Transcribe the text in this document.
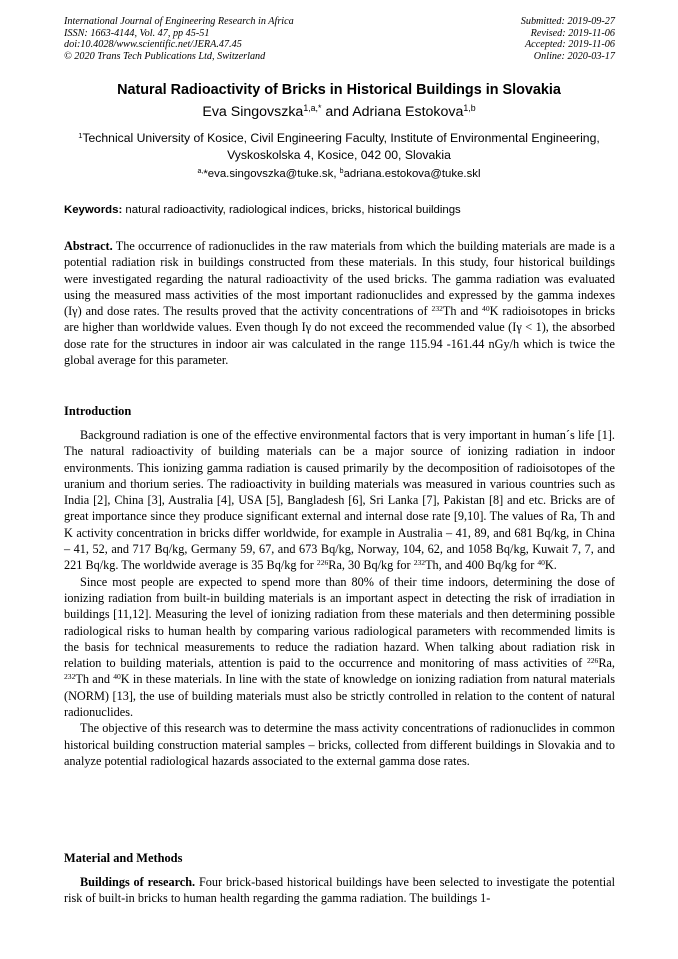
International Journal of Engineering Research in Africa
ISSN: 1663-4144, Vol. 47, pp 45-51
doi:10.4028/www.scientific.net/JERA.47.45
© 2020 Trans Tech Publications Ltd, Switzerland
Submitted: 2019-09-27
Revised: 2019-11-06
Accepted: 2019-11-06
Online: 2020-03-17
Natural Radioactivity of Bricks in Historical Buildings in Slovakia
Eva Singovszka$^{1,a,*}$ and Adriana Estokova$^{1,b}$
$^1$Technical University of Kosice, Civil Engineering Faculty, Institute of Environmental Engineering,
Vyskoskolska 4, Kosice, 042 00, Slovakia
$^{a,}$*eva.singovszka@tuke.sk, $^b$adriana.estokova@tuke.skl
Keywords: natural radioactivity, radiological indices, bricks, historical buildings

Abstract. The occurrence of radionuclides in the raw materials from which the building materials are made is a potential radiation risk in buildings constructed from these materials. In this study, four historical buildings were investigated regarding the natural radioactivity of the used bricks. The gamma radiation was evaluated using the measured mass activities of the most important radionuclides and expressed by the gamma indexes (Iγ) and dose rates. The results proved that the activity concentrations of $^{232}$Th and $^{40}$K radioisotopes in bricks are higher than worldwide values. Even though Iγ do not exceed the recommended value (Iγ < 1), the absorbed dose rate for the structures in indoor air was calculated in the range 115.94 -161.44 nGy/h which is twice the global average for this parameter.

Introduction

Background radiation is one of the effective environmental factors that is very important in human´s life [1]. The natural radioactivity of building materials can be a major source of ionizing radiation in indoor environments. This ionizing gamma radiation is caused primarily by the decomposition of radioisotopes of the uranium and thorium series. The radioactivity in building materials was measured in various countries such as India [2], China [3], Australia [4], USA [5], Bangladesh [6], Sri Lanka [7], Pakistan [8] and etc. Bricks are of great importance since they produce significant external and internal dose rate [9,10]. The values of Ra, Th and K activity concentration in bricks differ worldwide, for example in Australia – 41, 89, and 681 Bq/kg, in China – 41, 52, and 717 Bq/kg, Germany 59, 67, and 673 Bq/kg, Norway, 104, 62, and 1058 Bq/kg, Kuwait 7, 7, and 221 Bq/kg. The worldwide average is 35 Bq/kg for $^{226}$Ra, 30 Bq/kg for $^{232}$Th, and 400 Bq/kg for $^{40}$K.

Since most people are expected to spend more than 80% of their time indoors, determining the dose of ionizing radiation from built-in building materials is an important aspect in detecting the risk of irradiation in buildings [11,12]. Measuring the level of ionizing radiation from these materials and then determining possible radiological risks to human health by comparing various radiological parameters with recommended limits is the basis for technical measurements to reduce the radiation hazard. When talking about radiation risk in relation to building materials, attention is paid to the occurrence and monitoring of mass activities of $^{226}$Ra, $^{232}$Th and $^{40}$K in these materials. In line with the state of knowledge on ionizing radiation from natural materials (NORM) [13], the use of building materials must also be strictly controlled in relation to the content of natural radionuclides.

The objective of this research was to determine the mass activity concentrations of radionuclides in common historical building construction material samples – bricks, collected from different buildings in Slovakia and to analyze potential radiological hazards associated to the external gamma dose rates.

Material and Methods

Buildings of research. Four brick-based historical buildings have been selected to investigate the potential risk of built-in bricks to human health regarding the gamma radiation. The buildings 1-
